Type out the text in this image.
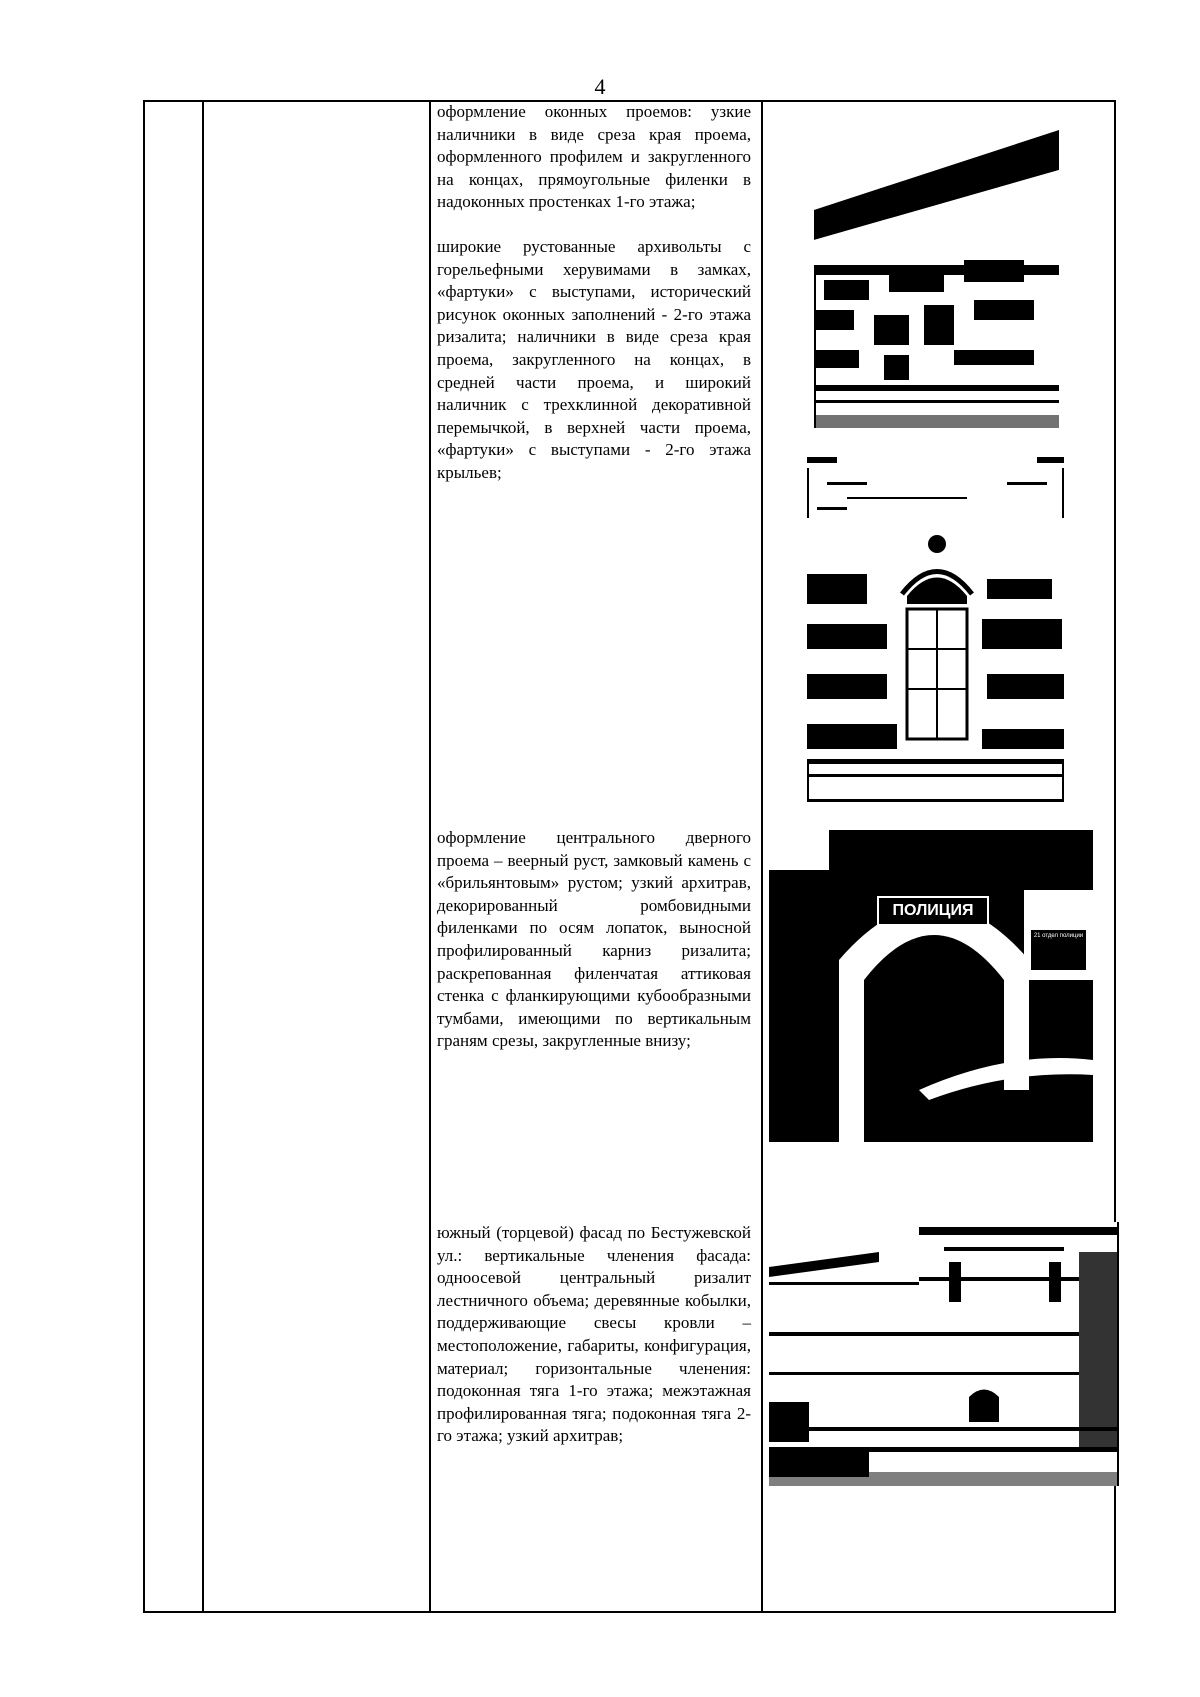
4

оформление оконных проемов: узкие наличники в виде среза края проема, оформленного профилем и закругленного на концах, прямоугольные филенки в надоконных простенках 1-го этажа;

широкие рустованные архивольты с горельефными херувимами в замках, «фартуки» с выступами, исторический рисунок оконных заполнений - 2-го этажа ризалита; наличники в виде среза края проема, закругленного на концах, в средней части проема, и широкий наличник с трехклинной декоративной перемычкой, в верхней части проема, «фартуки» с выступами - 2-го этажа крыльев;

оформление центрального дверного проема – веерный руст, замковый камень с «брильянтовым» рустом; узкий архитрав, декорированный ромбовидными филенками по осям лопаток, выносной профилированный карниз ризалита; раскрепованная филенчатая аттиковая стенка с фланкирующими кубообразными тумбами, имеющими по вертикальным граням срезы, закругленные внизу;

южный (торцевой) фасад по Бестужевской ул.: вертикальные членения фасада: одноосевой центральный ризалит лестничного объема; деревянные кобылки, поддерживающие свесы кровли – местоположение, габариты, конфигурация, материал; горизонтальные членения: подоконная тяга 1-го этажа; межэтажная профилированная тяга; подоконная тяга 2-го этажа; узкий архитрав;

ПОЛИЦИЯ
21 отдел полиции
